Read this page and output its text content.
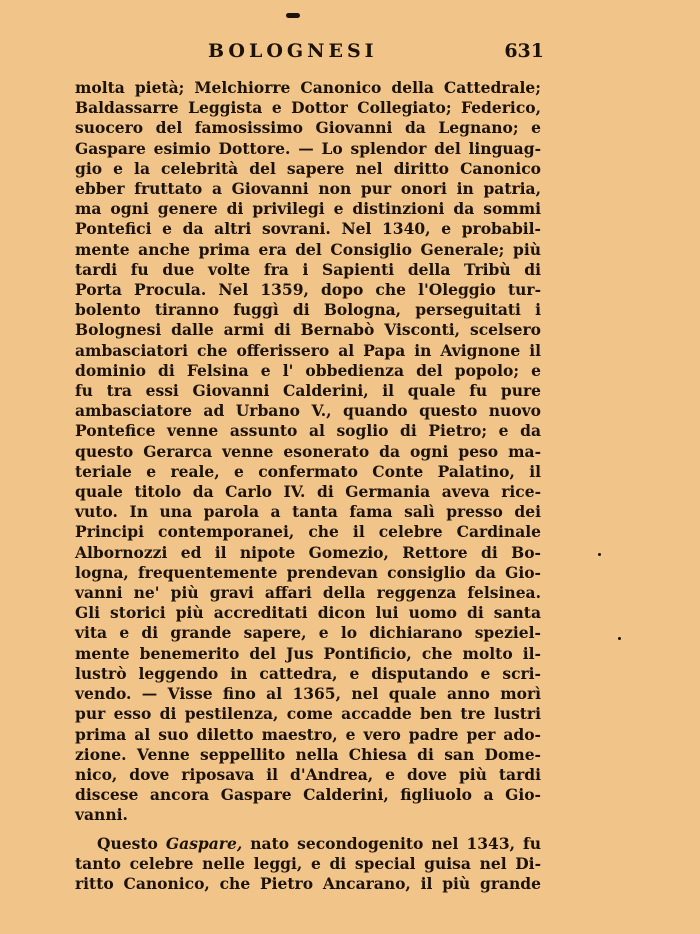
BOLOGNESI	631
molta pietà; Melchiorre Canonico della Cattedrale;
Baldassarre Leggista e Dottor Collegiato; Federico,
suocero del famosissimo Giovanni da Legnano; e
Gaspare esimio Dottore. — Lo splendor del linguag-
gio e la celebrità del sapere nel diritto Canonico
ebber fruttato a Giovanni non pur onori in patria,
ma ogni genere di privilegi e distinzioni da sommi
Pontefici e da altri sovrani. Nel 1340, e probabil-
mente anche prima era del Consiglio Generale; più
tardi fu due volte fra i Sapienti della Tribù di
Porta Procula. Nel 1359, dopo che l'Oleggio tur-
bolento tiranno fuggì di Bologna, perseguitati i
Bolognesi dalle armi di Bernabò Visconti, scelsero
ambasciatori che offerissero al Papa in Avignone il
dominio di Felsina e l' obbedienza del popolo; e
fu tra essi Giovanni Calderini, il quale fu pure
ambasciatore ad Urbano V., quando questo nuovo
Pontefice venne assunto al soglio di Pietro; e da
questo Gerarca venne esonerato da ogni peso ma-
teriale e reale, e confermato Conte Palatino, il
quale titolo da Carlo IV. di Germania aveva rice-
vuto. In una parola a tanta fama salì presso dei
Principi contemporanei, che il celebre Cardinale
Albornozzi ed il nipote Gomezio, Rettore di Bo-
logna, frequentemente prendevan consiglio da Gio-
vanni ne' più gravi affari della reggenza felsinea.
Gli storici più accreditati dicon lui uomo di santa
vita e di grande sapere, e lo dichiarano speziel-
mente benemerito del Jus Pontificio, che molto il-
lustrò leggendo in cattedra, e disputando e scri-
vendo. — Visse fino al 1365, nel quale anno morì
pur esso di pestilenza, come accadde ben tre lustri
prima al suo diletto maestro, e vero padre per ado-
zione. Venne seppellito nella Chiesa di san Dome-
nico, dove riposava il d'Andrea, e dove più tardi
discese ancora Gaspare Calderini, figliuolo a Gio-
vanni.
Questo Gaspare, nato secondogenito nel 1343, fu
tanto celebre nelle leggi, e di special guisa nel Di-
ritto Canonico, che Pietro Ancarano, il più grande
